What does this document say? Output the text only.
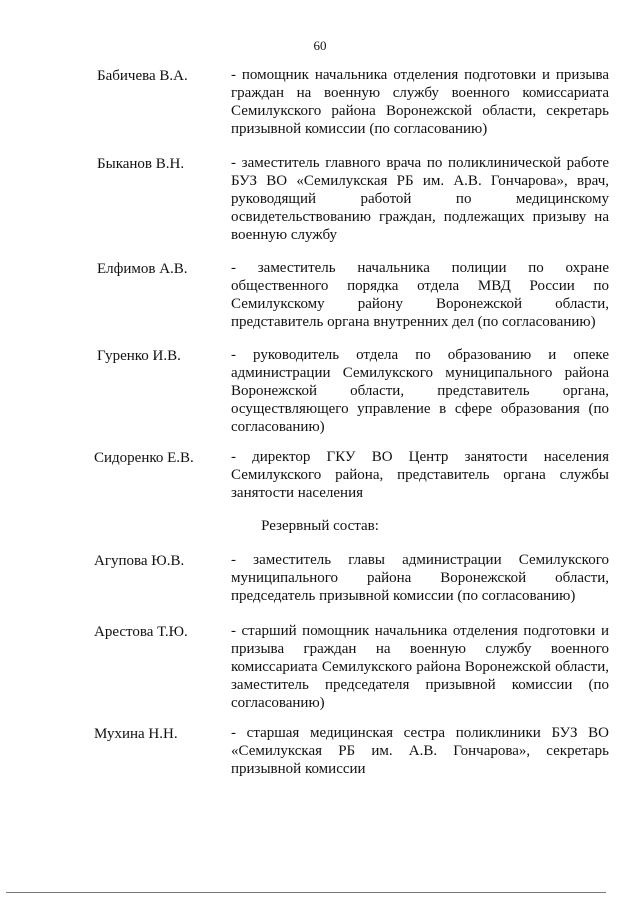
60
Бабичева В.А.	- помощник начальника отделения подготовки и призыва граждан на военную службу военного комиссариата Семилукского района Воронежской области, секретарь призывной комиссии (по согласованию)
Быканов В.Н.	- заместитель главного врача по поликлинической работе БУЗ ВО «Семилукская РБ им. А.В. Гончарова», врач, руководящий работой по медицинскому освидетельствованию граждан, подлежащих призыву на военную службу
Елфимов А.В.	- заместитель начальника полиции по охране общественного порядка отдела МВД России по Семилукскому району Воронежской области, представитель органа внутренних дел (по согласованию)
Гуренко И.В.	- руководитель отдела по образованию и опеке администрации Семилукского муниципального района Воронежской области, представитель органа, осуществляющего управление в сфере образования (по согласованию)
Сидоренко Е.В. - директор ГКУ ВО Центр занятости населения Семилукского района, представитель органа службы занятости населения
Резервный состав:
Агупова Ю.В.	- заместитель главы администрации Семилукского муниципального района Воронежской области, председатель призывной комиссии (по согласованию)
Арестова Т.Ю.	- старший помощник начальника отделения подготовки и призыва граждан на военную службу военного комиссариата Семилукского района Воронежской области, заместитель председателя призывной комиссии (по согласованию)
Мухина Н.Н.	- старшая медицинская сестра поликлиники БУЗ ВО «Семилукская РБ им. А.В. Гончарова», секретарь призывной комиссии
